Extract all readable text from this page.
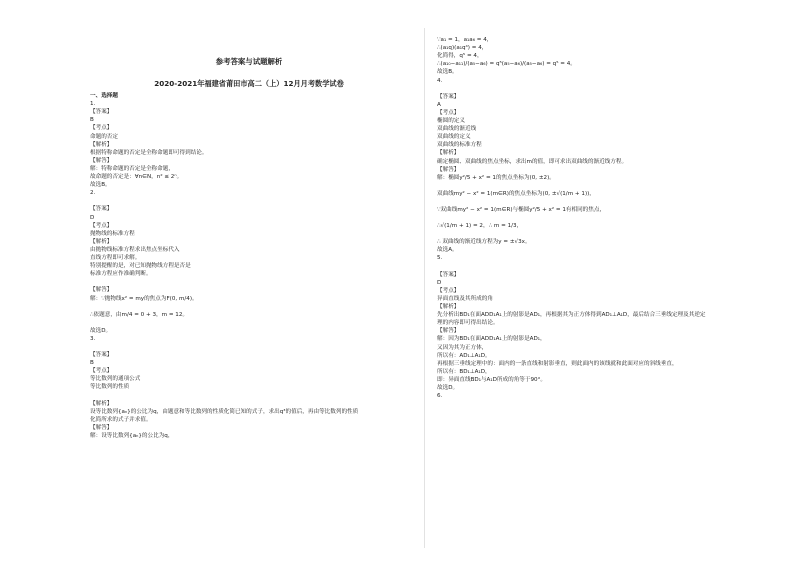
参考答案与试题解析
2020-2021年福建省莆田市高二（上）12月月考数学试卷
一、选择题
1.
【答案】
B
【考点】
命题的否定
【解析】
根据特称命题的否定是全称命题即可得到结论。
【解答】
解：特称命题的否定是全称命题，
故命题的否定是：∀n∈N，n² ≤ 2ⁿ。
故选B。
2.
【答案】
D
【考点】
抛物线的标准方程
【解析】
由抛物线标准方程求出焦点坐标代入
直线方程即可求解。
特别提醒的是，对已知抛物线方程是否是
标准方程应作准确判断。
【解答】
解：∵抛物线x² = my的焦点为F(0, m/4)。
∴依题意，由m/4 = 0 + 3，m = 12。
故选D。
3.
【答案】
B
【考点】
等比数列的通项公式
等比数列的性质
【解析】
设等比数列{aₙ}的公比为q，由题意和等比数列的性质化简已知的式子，求出q³的值后，再由等比数列的性质
化简所求的式子并求值。
【解答】
解：设等比数列{aₙ}的公比为q，
∵a₁ = 1，a₁a₆ = 4，
∴(a₁q)(a₁q⁴) = 4，
化简得，q⁵ = 4，
∴(a₁₀−a₁₁)/(a₅−a₆) = q⁵(a₅−a₆)/(a₅−a₆) = q⁵ = 4。
故选B。
4.
【答案】
A
【考点】
椭圆的定义
双曲线的渐近线
双曲线的定义
双曲线的标准方程
【解析】
确定椭圆、双曲线的焦点坐标，求出m的值，即可求出双曲线的渐近线方程。
【解答】
解：椭圆y²/5 + x² = 1的焦点坐标为(0, ±2)。
双曲线my² − x² = 1(m∈R)的焦点坐标为(0, ±√(1/m + 1))，
∵双曲线my² − x² = 1(m∈R)与椭圆y²/5 + x² = 1有相同的焦点，
∴√(1/m + 1) = 2，∴ m = 1/3，
∴ 双曲线的渐近线方程为y = ±√3x。
故选A。
5.
【答案】
D
【考点】
异面直线及其所成的角
【解析】
先分析出BD₁在面ADD₁A₁上的射影是AD₁，再根据其为正方体得到AD₁⊥A₁D，最后结合三垂线定理及其逆定
理的内容即可得出结论。
【解答】
解：因为BD₁在面ADD₁A₁上的射影是AD₁，
又因为其为正方体，
所以有：AD₁⊥A₁D。
再根据三垂线定理中的：面内的一条直线和射影垂直，则此面内的该线就和此面对应的斜线垂直，
所以有：BD₁⊥A₁D，
即：异面直线BD₁与A₁D所成的角等于90°。
故选D。
6.
